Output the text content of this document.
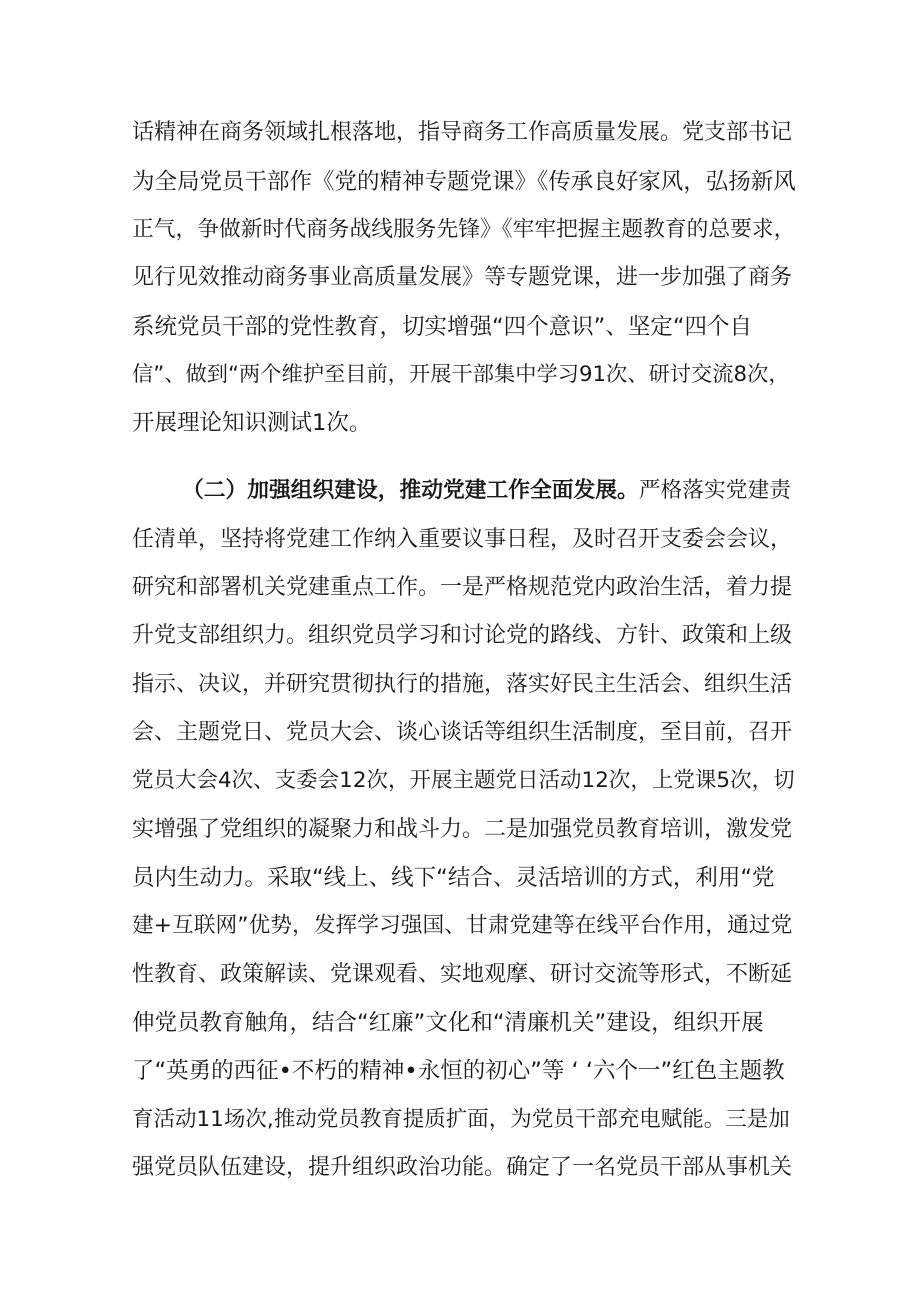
话精神在商务领域扎根落地，指导商务工作高质量发展。党支部书记

为全局党员干部作《党的精神专题党课》《传承良好家风，弘扬新风

正气，争做新时代商务战线服务先锋》《牢牢把握主题教育的总要求，

见行见效推动商务事业高质量发展》等专题党课，进一步加强了商务

系统党员干部的党性教育，切实增强“四个意识”、坚定“四个自

信”、做到“两个维护至目前，开展干部集中学习91次、研讨交流8次，

开展理论知识测试1次。

（二）加强组织建设，推动党建工作全面发展。严格落实党建责

任清单，坚持将党建工作纳入重要议事日程，及时召开支委会会议，

研究和部署机关党建重点工作。一是严格规范党内政治生活，着力提

升党支部组织力。组织党员学习和讨论党的路线、方针、政策和上级

指示、决议，并研究贯彻执行的措施，落实好民主生活会、组织生活

会、主题党日、党员大会、谈心谈话等组织生活制度，至目前，召开

党员大会4次、支委会12次，开展主题党日活动12次，上党课5次，切

实增强了党组织的凝聚力和战斗力。二是加强党员教育培训，激发党

员内生动力。采取“线上、线下“结合、灵活培训的方式，利用“党

建+互联网”优势，发挥学习强国、甘肃党建等在线平台作用，通过党

性教育、政策解读、党课观看、实地观摩、研讨交流等形式，不断延

伸党员教育触角，结合“红廉”文化和“清廉机关”建设，组织开展

了“英勇的西征•不朽的精神•永恒的初心”等 ‘ ‘六个一”红色主题教

育活动11场次,推动党员教育提质扩面，为党员干部充电赋能。三是加

强党员队伍建设，提升组织政治功能。确定了一名党员干部从事机关
